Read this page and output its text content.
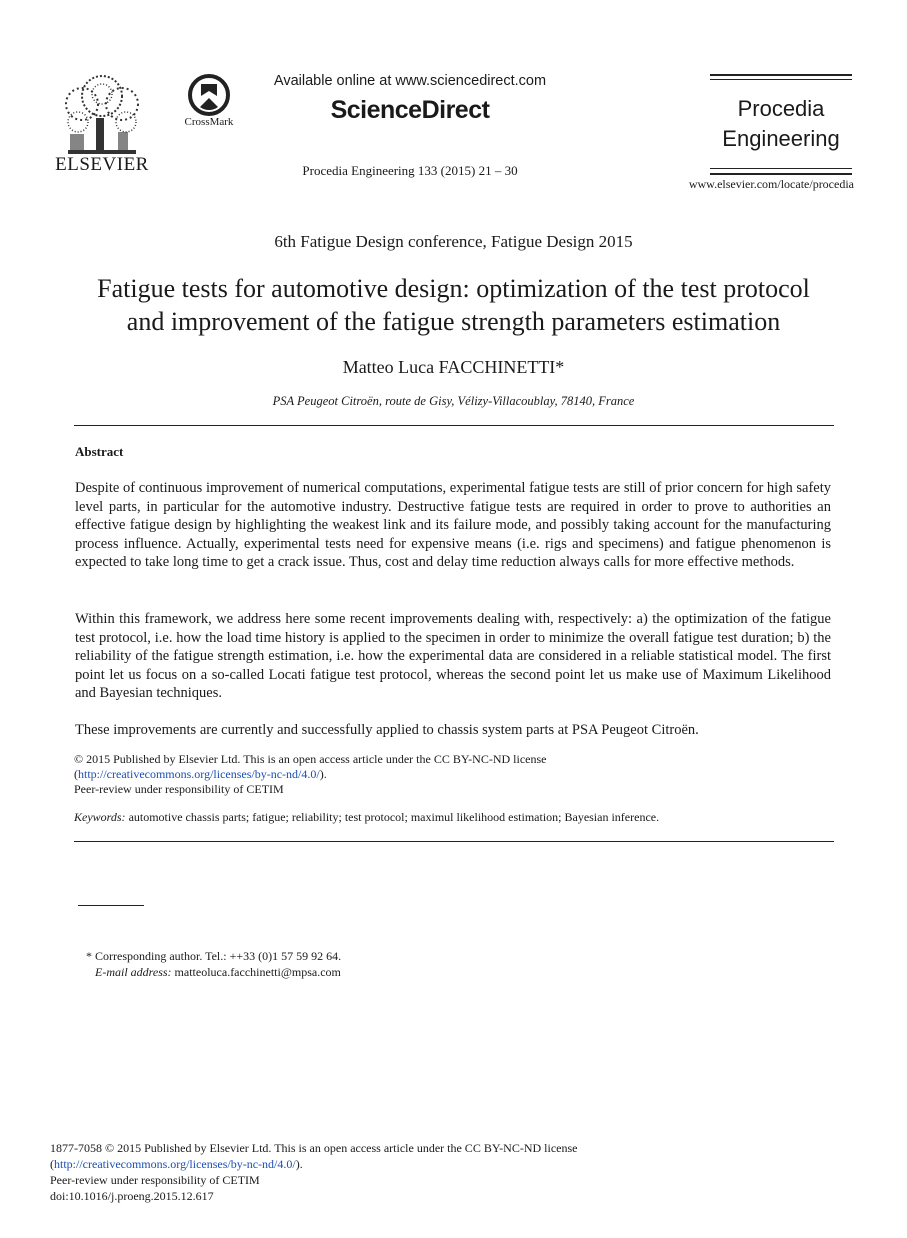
ELSEVIER
CrossMark
Available online at www.sciencedirect.com
ScienceDirect
Procedia Engineering 133 (2015) 21 – 30
Procedia
Engineering
www.elsevier.com/locate/procedia
6th Fatigue Design conference, Fatigue Design 2015
Fatigue tests for automotive design: optimization of the test protocol
and improvement of the fatigue strength parameters estimation
Matteo Luca FACCHINETTI*
PSA Peugeot Citroën, route de Gisy, Vélizy-Villacoublay, 78140, France
Abstract

Despite of continuous improvement of numerical computations, experimental fatigue tests are still of prior concern for high safety level parts, in particular for the automotive industry. Destructive fatigue tests are required in order to prove to authorities an effective fatigue design by highlighting the weakest link and its failure mode, and possibly taking account for the manufacturing process influence. Actually, experimental tests need for expensive means (i.e. rigs and specimens) and fatigue phenomenon is expected to take long time to get a crack issue. Thus, cost and delay time reduction always calls for more effective methods.

Within this framework, we address here some recent improvements dealing with, respectively: a) the optimization of the fatigue test protocol, i.e. how the load time history is applied to the specimen in order to minimize the overall fatigue test duration; b) the reliability of the fatigue strength estimation, i.e. how the experimental data are considered in a reliable statistical model. The first point let us focus on a so-called Locati fatigue test protocol, whereas the second point let us make use of Maximum Likelihood and Bayesian techniques.

These improvements are currently and successfully applied to chassis system parts at PSA Peugeot Citroën.

© 2015 Published by Elsevier Ltd. This is an open access article under the CC BY-NC-ND license
(http://creativecommons.org/licenses/by-nc-nd/4.0/).
Peer-review under responsibility of CETIM
Keywords: automotive chassis parts; fatigue; reliability; test protocol; maximul likelihood estimation; Bayesian inference.
* Corresponding author. Tel.: ++33 (0)1 57 59 92 64.
E-mail address: matteoluca.facchinetti@mpsa.com
1877-7058 © 2015 Published by Elsevier Ltd. This is an open access article under the CC BY-NC-ND license
(http://creativecommons.org/licenses/by-nc-nd/4.0/).
Peer-review under responsibility of CETIM
doi:10.1016/j.proeng.2015.12.617
